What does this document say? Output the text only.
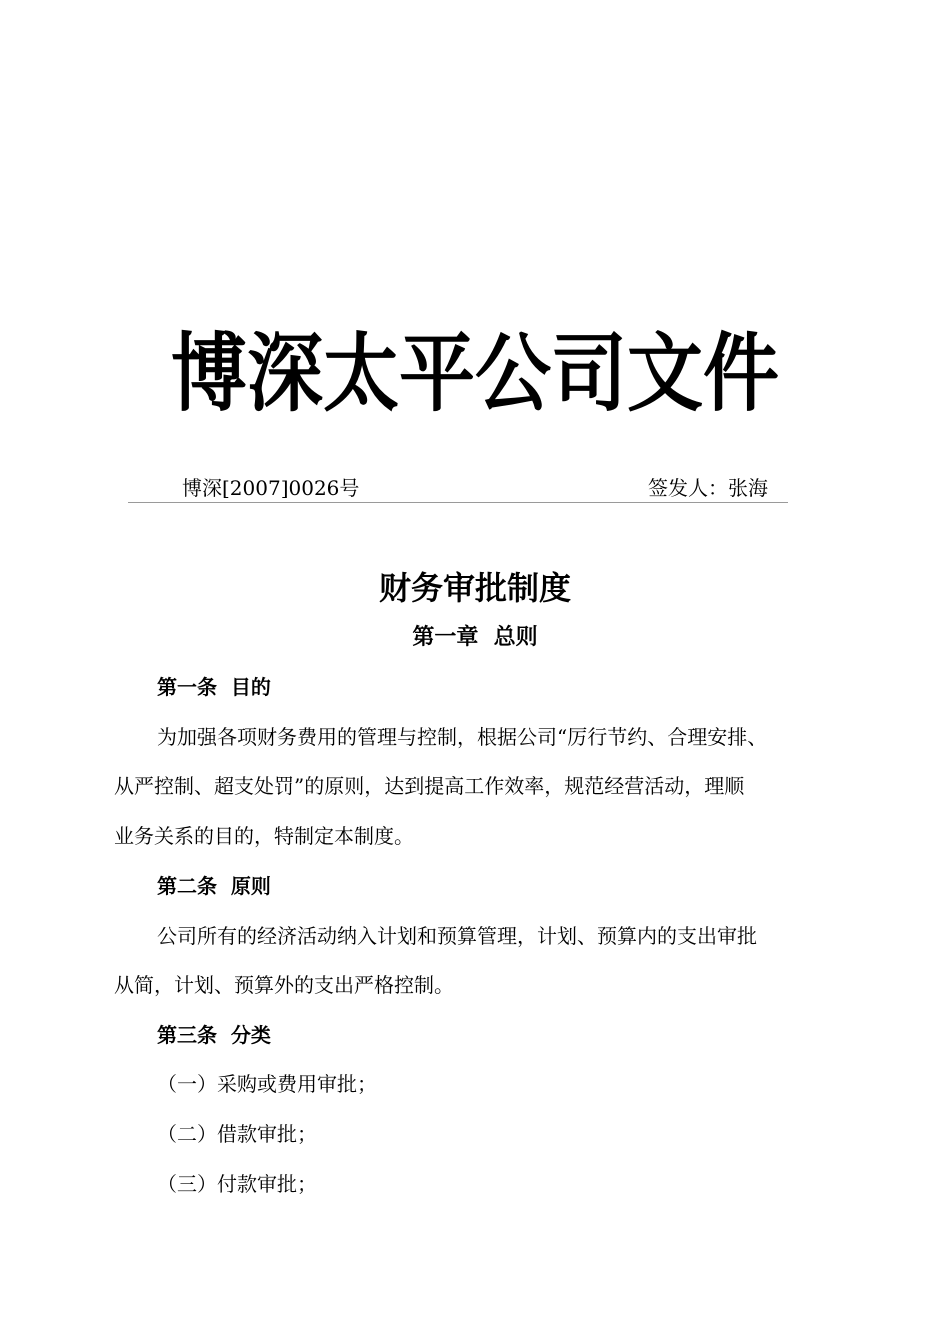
博深太平公司文件
博深[2007]0026号	签发人：张海
财务审批制度
第一章  总则
第一条  目的
为加强各项财务费用的管理与控制，根据公司“厉行节约、合理安排、
从严控制、超支处罚”的原则，达到提高工作效率，规范经营活动，理顺
业务关系的目的，特制定本制度。
第二条  原则
公司所有的经济活动纳入计划和预算管理，计划、预算内的支出审批
从简，计划、预算外的支出严格控制。
第三条  分类
（一）采购或费用审批；
（二）借款审批；
（三）付款审批；
